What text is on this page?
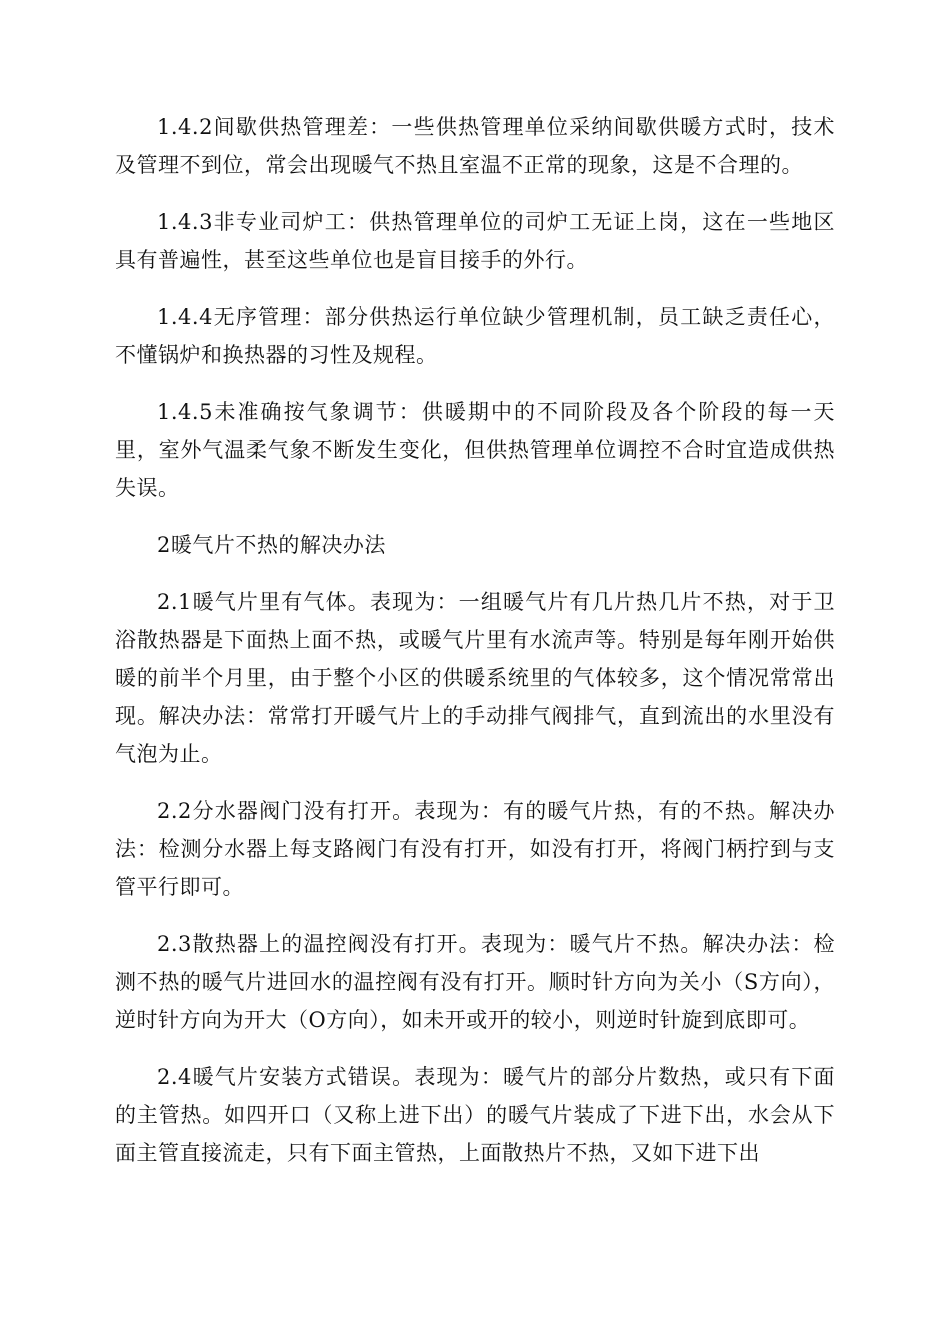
1.4.2间歇供热管理差：一些供热管理单位采纳间歇供暖方式时，技术及管理不到位，常会出现暖气不热且室温不正常的现象，这是不合理的。

1.4.3非专业司炉工：供热管理单位的司炉工无证上岗，这在一些地区具有普遍性，甚至这些单位也是盲目接手的外行。

1.4.4无序管理：部分供热运行单位缺少管理机制，员工缺乏责任心，不懂锅炉和换热器的习性及规程。

1.4.5未准确按气象调节：供暖期中的不同阶段及各个阶段的每一天里，室外气温柔气象不断发生变化，但供热管理单位调控不合时宜造成供热失误。

2暖气片不热的解决办法

2.1暖气片里有气体。表现为：一组暖气片有几片热几片不热，对于卫浴散热器是下面热上面不热，或暖气片里有水流声等。特别是每年刚开始供暖的前半个月里，由于整个小区的供暖系统里的气体较多，这个情况常常出现。解决办法：常常打开暖气片上的手动排气阀排气，直到流出的水里没有气泡为止。

2.2分水器阀门没有打开。表现为：有的暖气片热，有的不热。解决办法：检测分水器上每支路阀门有没有打开，如没有打开，将阀门柄拧到与支管平行即可。

2.3散热器上的温控阀没有打开。表现为：暖气片不热。解决办法：检测不热的暖气片进回水的温控阀有没有打开。顺时针方向为关小（S方向），逆时针方向为开大（O方向），如未开或开的较小，则逆时针旋到底即可。

2.4暖气片安装方式错误。表现为：暖气片的部分片数热，或只有下面的主管热。如四开口（又称上进下出）的暖气片装成了下进下出，水会从下面主管直接流走，只有下面主管热，上面散热片不热，又如下进下出
